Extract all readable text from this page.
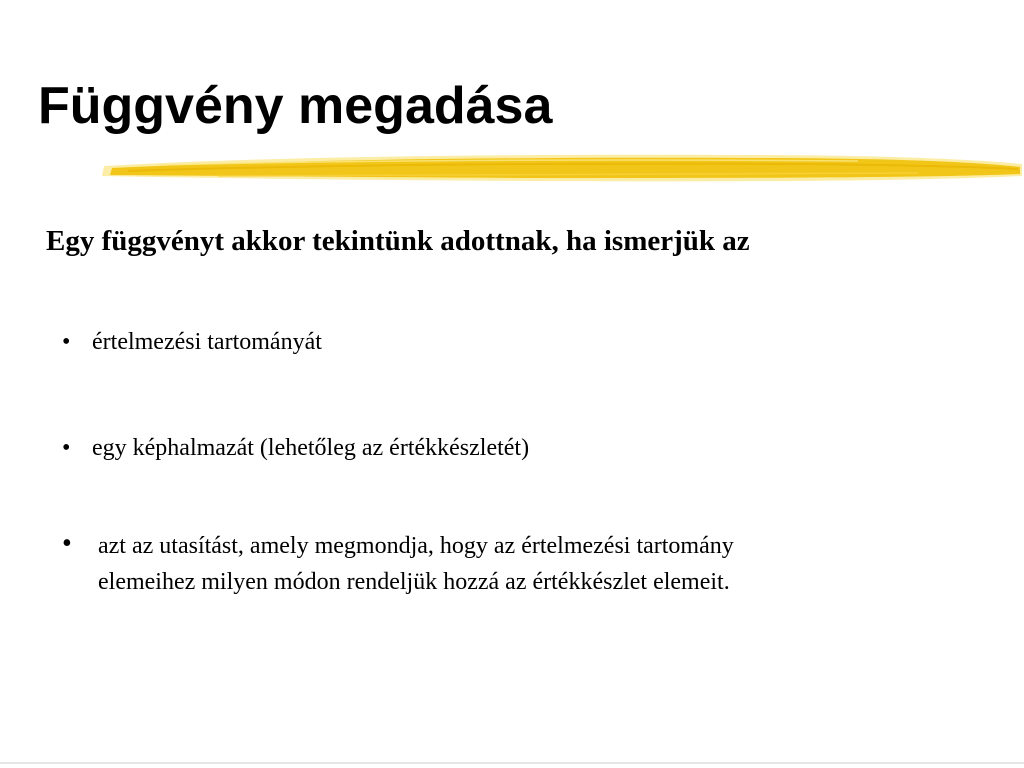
Függvény megadása

Egy függvényt akkor tekintünk adottnak, ha ismerjük az

• értelmezési tartományát
• egy képhalmazát (lehetőleg az értékkészletét)
• azt az utasítást, amely megmondja, hogy az értelmezési tartomány elemeihez milyen módon rendeljük hozzá az értékkészlet elemeit.
